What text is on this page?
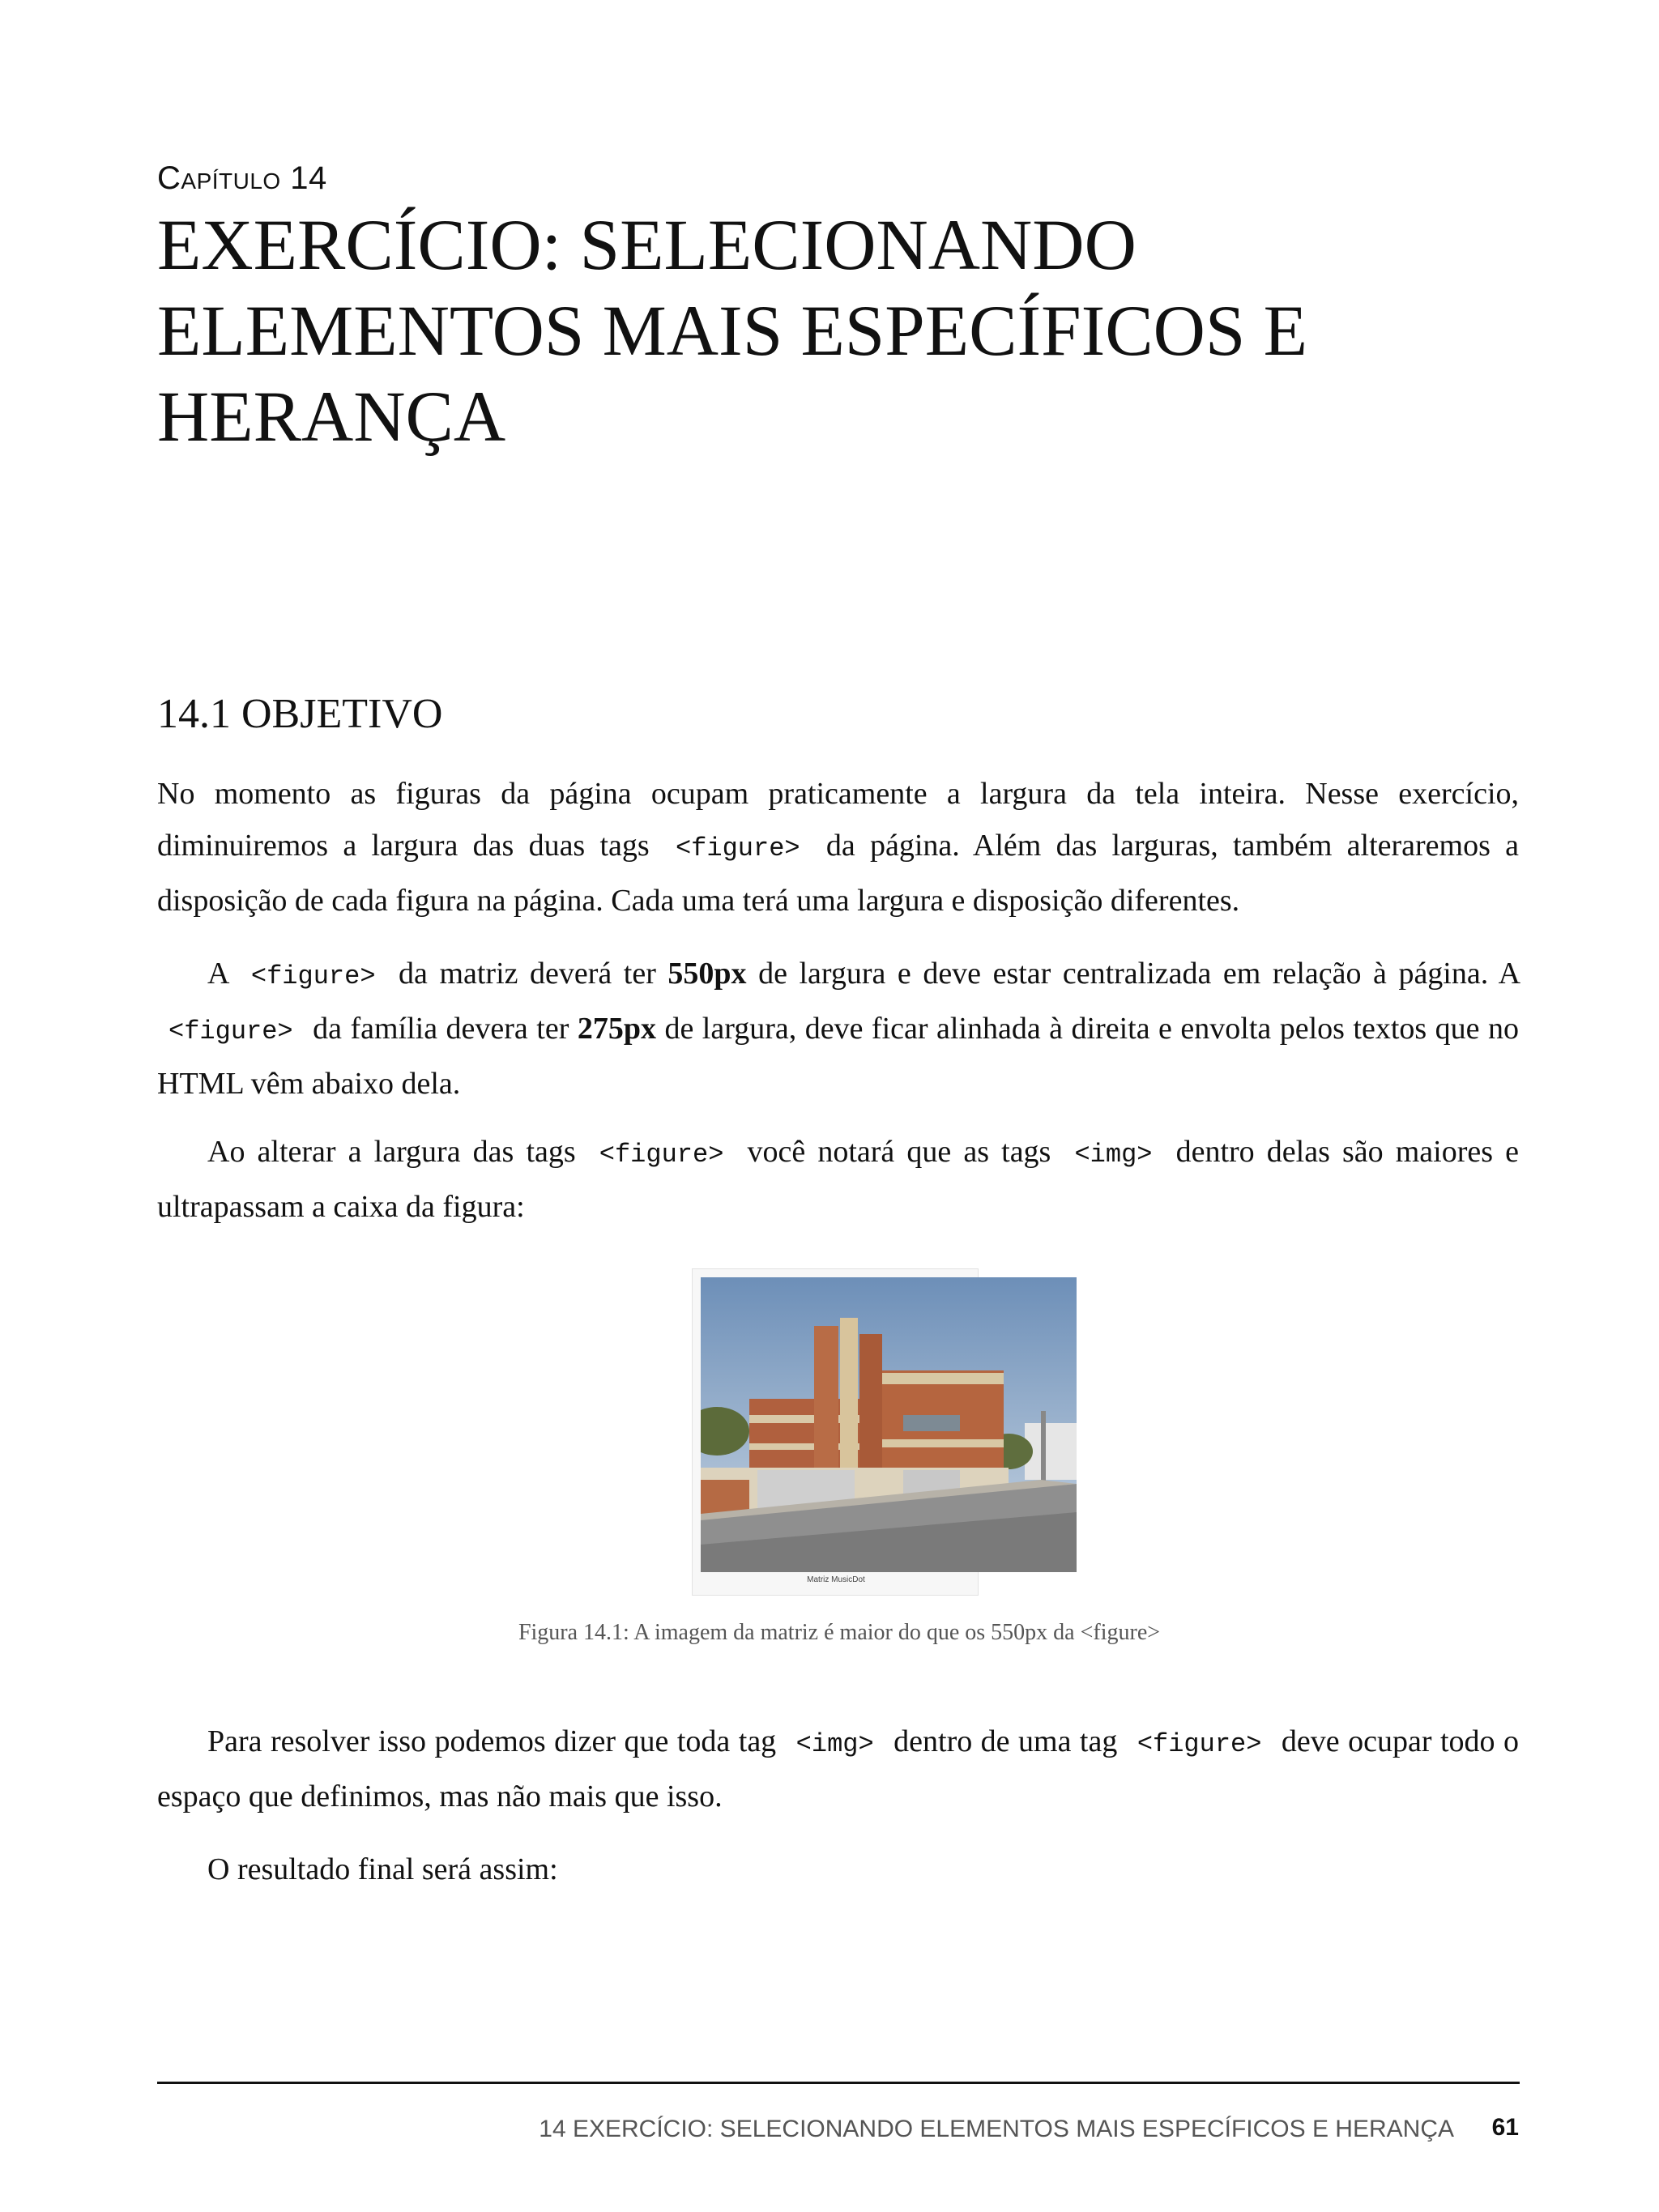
Capítulo 14
EXERCÍCIO: SELECIONANDO ELEMENTOS MAIS ESPECÍFICOS E HERANÇA
14.1 OBJETIVO

No momento as figuras da página ocupam praticamente a largura da tela inteira. Nesse exercício, diminuiremos a largura das duas tags <figure> da página. Além das larguras, também alteraremos a disposição de cada figura na página. Cada uma terá uma largura e disposição diferentes.

A <figure> da matriz deverá ter 550px de largura e deve estar centralizada em relação à página. A <figure> da família devera ter 275px de largura, deve ficar alinhada à direita e envolta pelos textos que no HTML vêm abaixo dela.

Ao alterar a largura das tags <figure> você notará que as tags <img> dentro delas são maiores e ultrapassam a caixa da figura:

Matriz MusicDot
Figura 14.1: A imagem da matriz é maior do que os 550px da <figure>

Para resolver isso podemos dizer que toda tag <img> dentro de uma tag <figure> deve ocupar todo o espaço que definimos, mas não mais que isso.

O resultado final será assim:

14 EXERCÍCIO: SELECIONANDO ELEMENTOS MAIS ESPECÍFICOS E HERANÇA 61
